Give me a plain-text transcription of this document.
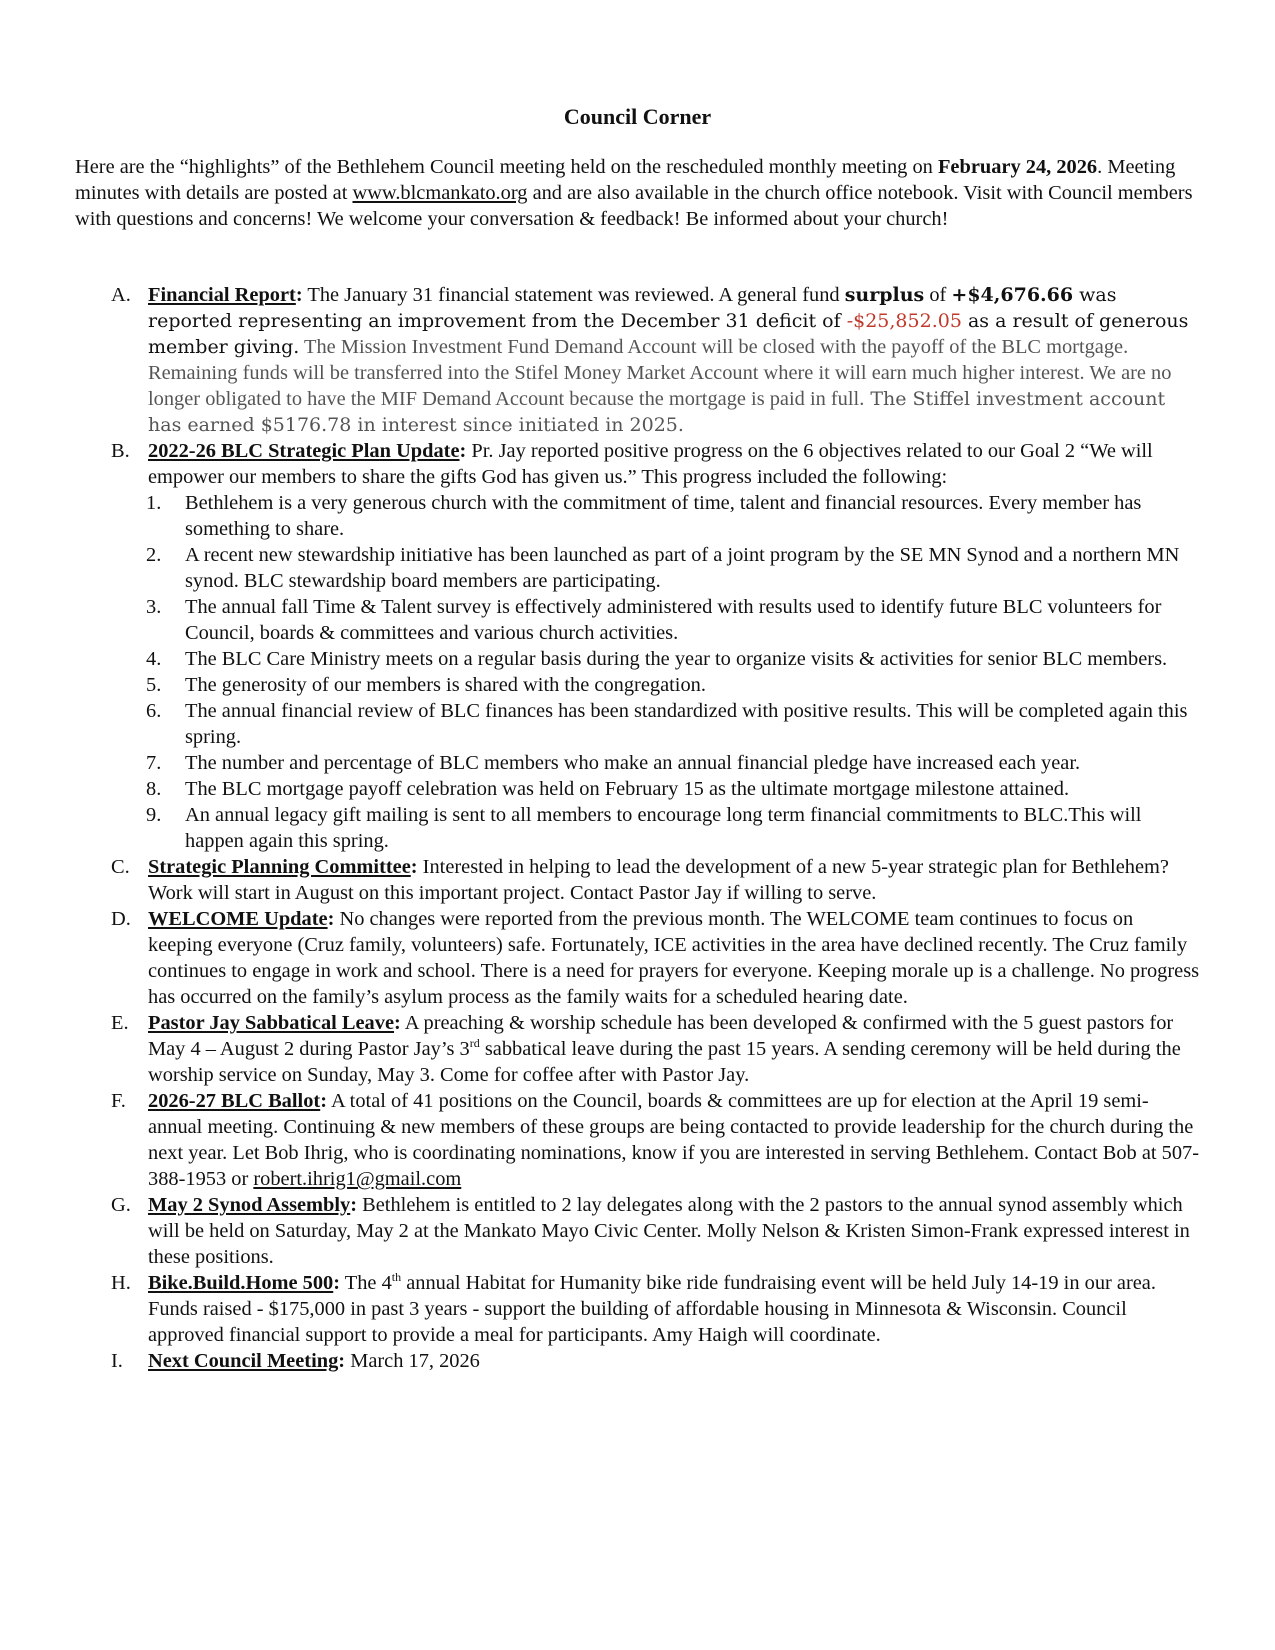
Council Corner

Here are the “highlights” of the Bethlehem Council meeting held on the rescheduled monthly meeting on February 24, 2026. Meeting minutes with details are posted at www.blcmankato.org and are also available in the church office notebook. Visit with Council members with questions and concerns! We welcome your conversation & feedback! Be informed about your church!

A. Financial Report: The January 31 financial statement was reviewed. A general fund surplus of +$4,676.66 was reported representing an improvement from the December 31 deficit of -$25,852.05 as a result of generous member giving. The Mission Investment Fund Demand Account will be closed with the payoff of the BLC mortgage. Remaining funds will be transferred into the Stifel Money Market Account where it will earn much higher interest. We are no longer obligated to have the MIF Demand Account because the mortgage is paid in full. The Stiffel investment account has earned $5176.78 in interest since initiated in 2025.
B. 2022-26 BLC Strategic Plan Update: Pr. Jay reported positive progress on the 6 objectives related to our Goal 2 “We will empower our members to share the gifts God has given us.” This progress included the following:
1. Bethlehem is a very generous church with the commitment of time, talent and financial resources. Every member has something to share.
2. A recent new stewardship initiative has been launched as part of a joint program by the SE MN Synod and a northern MN synod. BLC stewardship board members are participating.
3. The annual fall Time & Talent survey is effectively administered with results used to identify future BLC volunteers for Council, boards & committees and various church activities.
4. The BLC Care Ministry meets on a regular basis during the year to organize visits & activities for senior BLC members.
5. The generosity of our members is shared with the congregation.
6. The annual financial review of BLC finances has been standardized with positive results. This will be completed again this spring.
7. The number and percentage of BLC members who make an annual financial pledge have increased each year.
8. The BLC mortgage payoff celebration was held on February 15 as the ultimate mortgage milestone attained.
9. An annual legacy gift mailing is sent to all members to encourage long term financial commitments to BLC.This will happen again this spring.
C. Strategic Planning Committee: Interested in helping to lead the development of a new 5-year strategic plan for Bethlehem? Work will start in August on this important project. Contact Pastor Jay if willing to serve.
D. WELCOME Update: No changes were reported from the previous month. The WELCOME team continues to focus on keeping everyone (Cruz family, volunteers) safe. Fortunately, ICE activities in the area have declined recently. The Cruz family continues to engage in work and school. There is a need for prayers for everyone. Keeping morale up is a challenge. No progress has occurred on the family’s asylum process as the family waits for a scheduled hearing date.
E. Pastor Jay Sabbatical Leave: A preaching & worship schedule has been developed & confirmed with the 5 guest pastors for May 4 – August 2 during Pastor Jay’s 3rd sabbatical leave during the past 15 years. A sending ceremony will be held during the worship service on Sunday, May 3. Come for coffee after with Pastor Jay.
F. 2026-27 BLC Ballot: A total of 41 positions on the Council, boards & committees are up for election at the April 19 semi-annual meeting. Continuing & new members of these groups are being contacted to provide leadership for the church during the next year. Let Bob Ihrig, who is coordinating nominations, know if you are interested in serving Bethlehem. Contact Bob at 507-388-1953 or robert.ihrig1@gmail.com
G. May 2 Synod Assembly: Bethlehem is entitled to 2 lay delegates along with the 2 pastors to the annual synod assembly which will be held on Saturday, May 2 at the Mankato Mayo Civic Center. Molly Nelson & Kristen Simon-Frank expressed interest in these positions.
H. Bike.Build.Home 500: The 4th annual Habitat for Humanity bike ride fundraising event will be held July 14-19 in our area. Funds raised - $175,000 in past 3 years - support the building of affordable housing in Minnesota & Wisconsin. Council approved financial support to provide a meal for participants. Amy Haigh will coordinate.
I. Next Council Meeting: March 17, 2026
